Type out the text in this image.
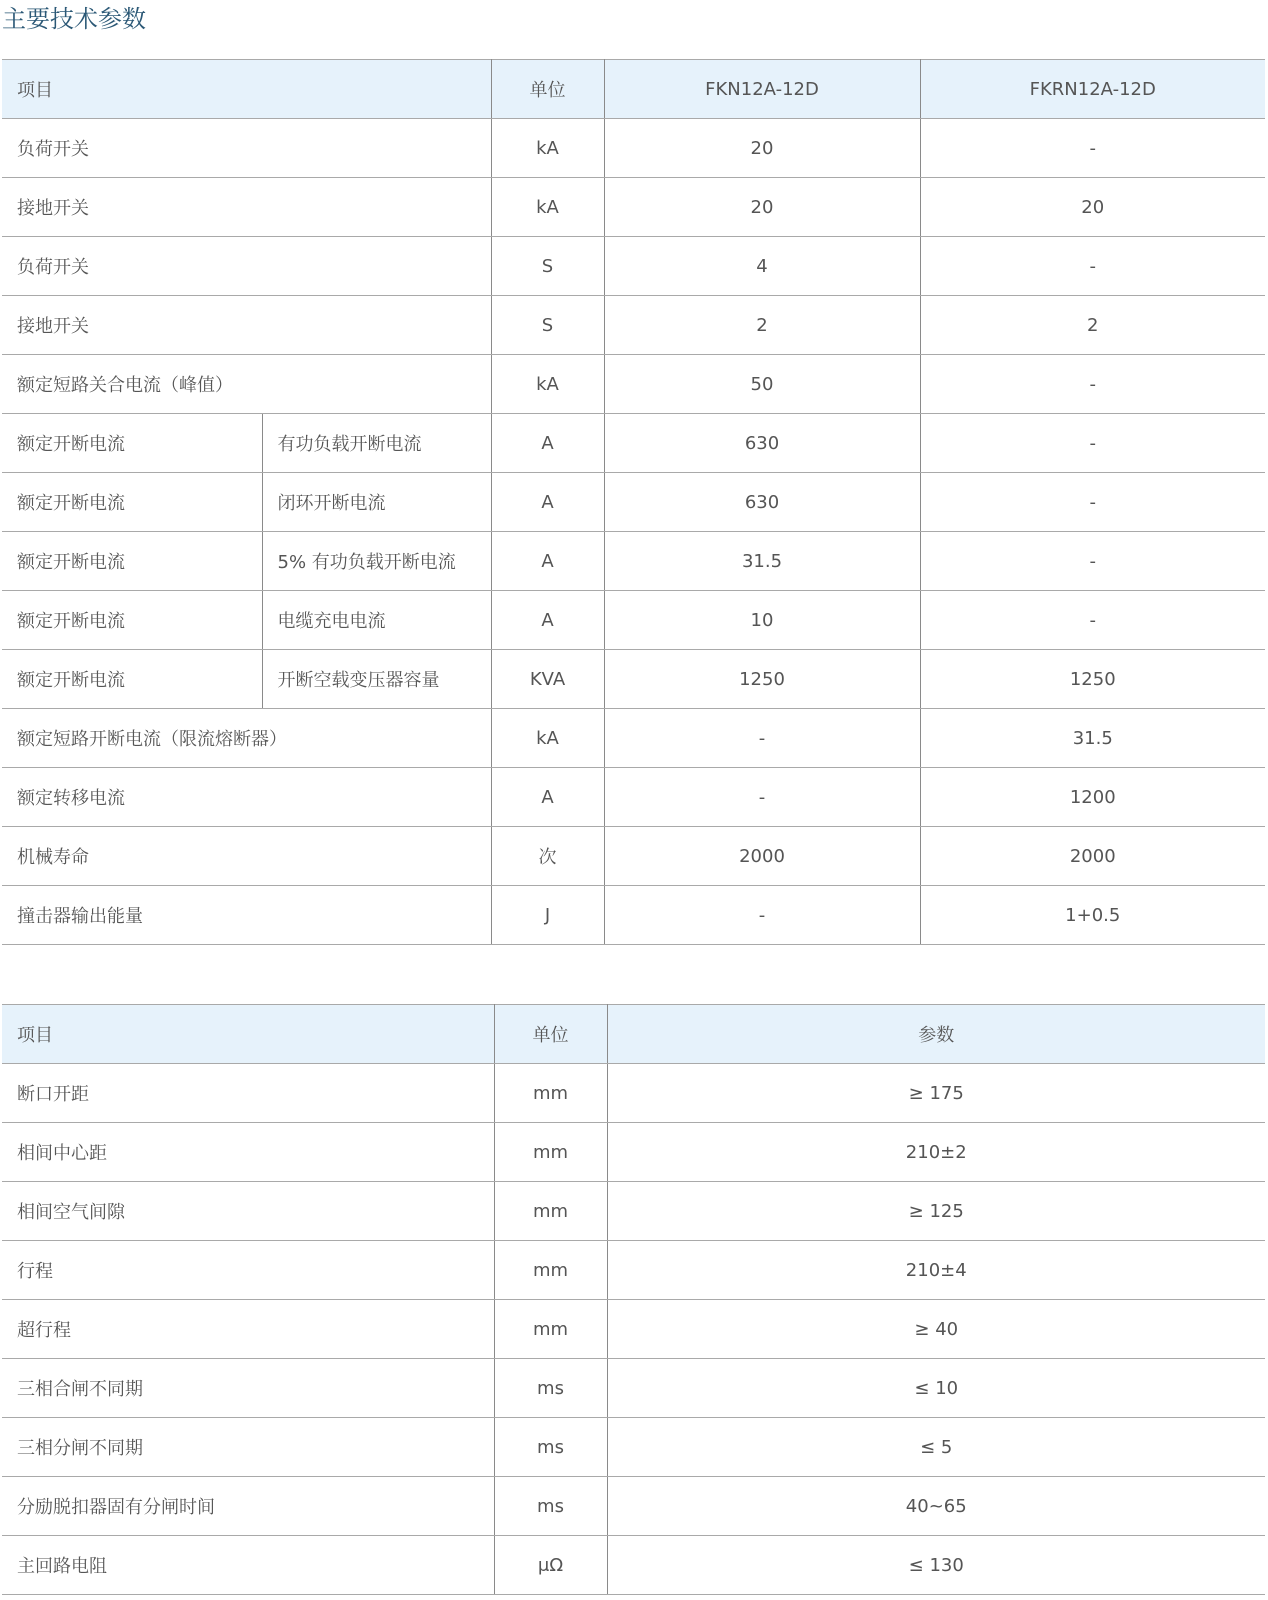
主要技术参数
项目		单位	FKN12A-12D	FKRN12A-12D
负荷开关		kA	20	-
接地开关		kA	20	20
负荷开关		S	4	-
接地开关		S	2	2
额定短路关合电流（峰值）		kA	50	-
额定开断电流	有功负载开断电流	A	630	-
额定开断电流	闭环开断电流	A	630	-
额定开断电流	5% 有功负载开断电流	A	31.5	-
额定开断电流	电缆充电电流	A	10	-
额定开断电流	开断空载变压器容量	KVA	1250	1250
额定短路开断电流（限流熔断器）		kA	-	31.5
额定转移电流		A	-	1200
机械寿命		次	2000	2000
撞击器输出能量		J	-	1+0.5
项目	单位	参数
断口开距	mm	≥ 175
相间中心距	mm	210±2
相间空气间隙	mm	≥ 125
行程	mm	210±4
超行程	mm	≥ 40
三相合闸不同期	ms	≤ 10
三相分闸不同期	ms	≤ 5
分励脱扣器固有分闸时间	ms	40~65
主回路电阻	μΩ	≤ 130
